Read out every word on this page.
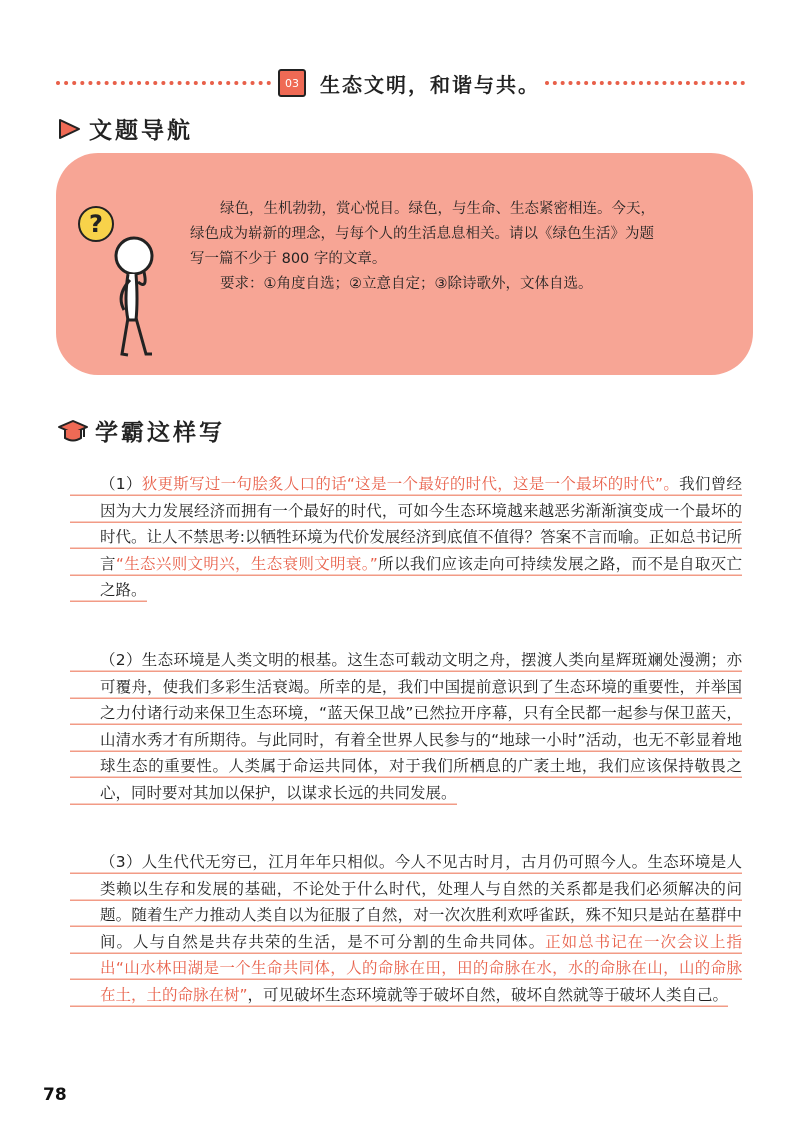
03	生态文明，和谐与共。
文题导航
?

绿色，生机勃勃，赏心悦目。绿色，与生命、生态紧密相连。今天，

绿色成为崭新的理念，与每个人的生活息息相关。请以《绿色生活》为题

写一篇不少于 800 字的文章。

要求：①角度自选；②立意自定；③除诗歌外，文体自选。

学霸这样写
（1）狄更斯写过一句脍炙人口的话“这是一个最好的时代，这是一个最坏的时代”。我们曾经因为大力发展经济而拥有一个最好的时代，可如今生态环境越来越恶劣渐渐演变成一个最坏的时代。让人不禁思考:以牺牲环境为代价发展经济到底值不值得？答案不言而喻。正如总书记所言“生态兴则文明兴，生态衰则文明衰。”所以我们应该走向可持续发展之路，而不是自取灭亡之路。
（2）生态环境是人类文明的根基。这生态可载动文明之舟，摆渡人类向星辉斑斓处漫溯；亦可覆舟，使我们多彩生活衰竭。所幸的是，我们中国提前意识到了生态环境的重要性，并举国之力付诸行动来保卫生态环境，“蓝天保卫战”已然拉开序幕，只有全民都一起参与保卫蓝天，山清水秀才有所期待。与此同时，有着全世界人民参与的“地球一小时”活动，也无不彰显着地球生态的重要性。人类属于命运共同体，对于我们所栖息的广袤土地，我们应该保持敬畏之心，同时要对其加以保护，以谋求长远的共同发展。
（3）人生代代无穷已，江月年年只相似。今人不见古时月，古月仍可照今人。生态环境是人类赖以生存和发展的基础，不论处于什么时代，处理人与自然的关系都是我们必须解决的问题。随着生产力推动人类自以为征服了自然，对一次次胜利欢呼雀跃，殊不知只是站在墓群中间。人与自然是共存共荣的生活，是不可分割的生命共同体。正如总书记在一次会议上指出“山水林田湖是一个生命共同体，人的命脉在田，田的命脉在水，水的命脉在山，山的命脉在土，土的命脉在树”，可见破坏生态环境就等于破坏自然，破坏自然就等于破坏人类自己。
78
